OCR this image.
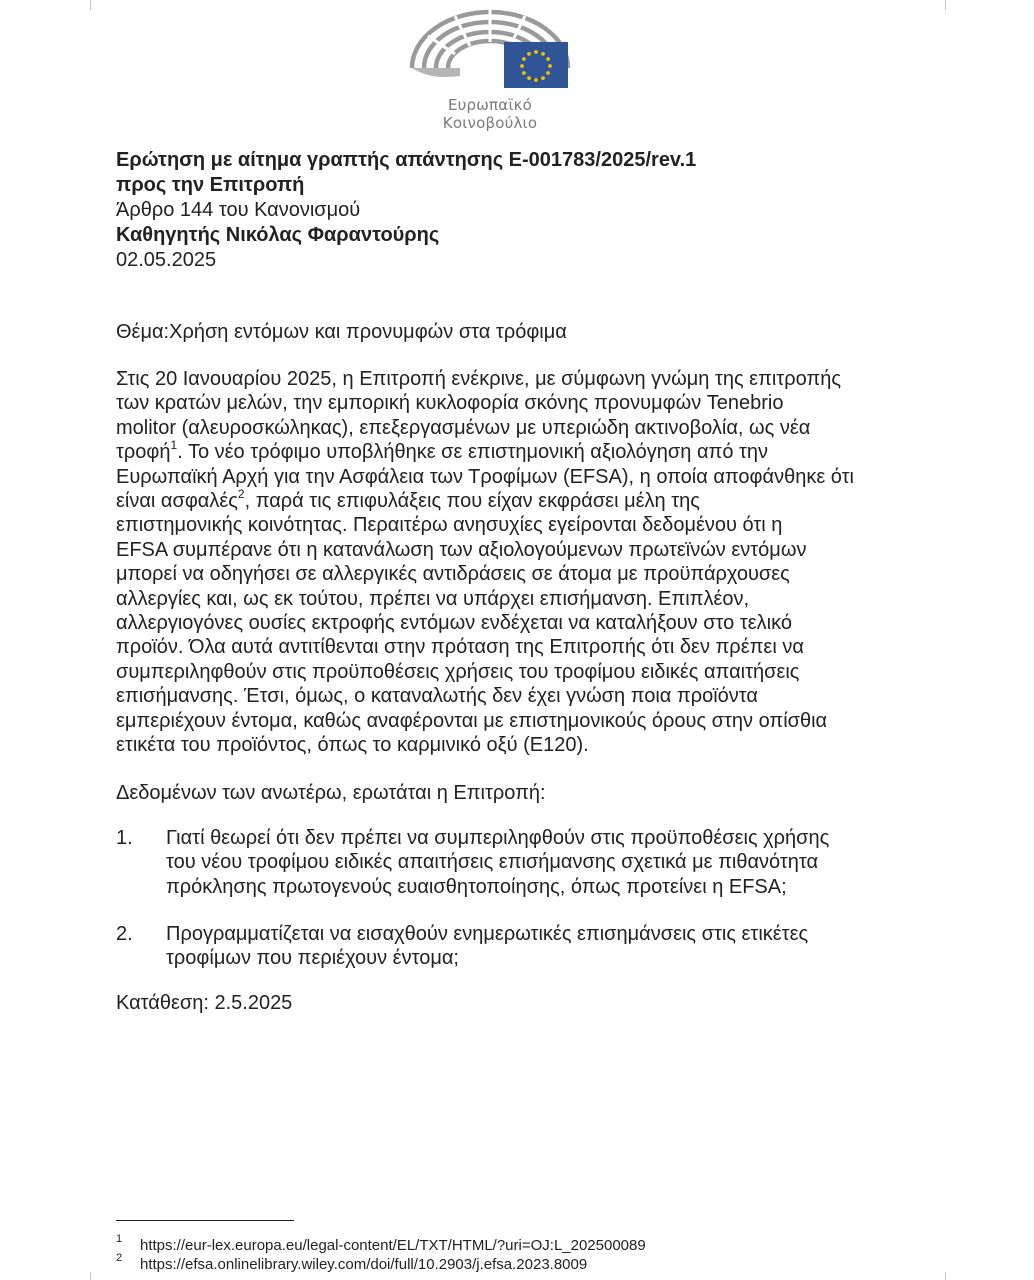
Ευρωπαϊκό Κοινοβούλιο
Ερώτηση με αίτημα γραπτής απάντησης E-001783/2025/rev.1
προς την Επιτροπή
Άρθρο 144 του Κανονισμού
Καθηγητής Νικόλας Φαραντούρης
02.05.2025
Θέμα:Χρήση εντόμων και προνυμφών στα τρόφιμα
Στις 20 Ιανουαρίου 2025, η Επιτροπή ενέκρινε, με σύμφωνη γνώμη της επιτροπής
των κρατών μελών, την εμπορική κυκλοφορία σκόνης προνυμφών Tenebrio
molitor (αλευροσκώληκας), επεξεργασμένων με υπεριώδη ακτινοβολία, ως νέα
τροφή$^1$. Το νέο τρόφιμο υποβλήθηκε σε επιστημονική αξιολόγηση από την
Ευρωπαϊκή Αρχή για την Ασφάλεια των Τροφίμων (EFSA), η οποία αποφάνθηκε ότι
είναι ασφαλές$^2$, παρά τις επιφυλάξεις που είχαν εκφράσει μέλη της
επιστημονικής κοινότητας. Περαιτέρω ανησυχίες εγείρονται δεδομένου ότι η
EFSA συμπέρανε ότι η κατανάλωση των αξιολογούμενων πρωτεϊνών εντόμων
μπορεί να οδηγήσει σε αλλεργικές αντιδράσεις σε άτομα με προϋπάρχουσες
αλλεργίες και, ως εκ τούτου, πρέπει να υπάρχει επισήμανση. Επιπλέον,
αλλεργιογόνες ουσίες εκτροφής εντόμων ενδέχεται να καταλήξουν στο τελικό
προϊόν. Όλα αυτά αντιτίθενται στην πρόταση της Επιτροπής ότι δεν πρέπει να
συμπεριληφθούν στις προϋποθέσεις χρήσεις του τροφίμου ειδικές απαιτήσεις
επισήμανσης. Έτσι, όμως, ο καταναλωτής δεν έχει γνώση ποια προϊόντα
εμπεριέχουν έντομα, καθώς αναφέρονται με επιστημονικούς όρους στην οπίσθια
ετικέτα του προϊόντος, όπως το καρμινικό οξύ (E120).
Δεδομένων των ανωτέρω, ερωτάται η Επιτροπή:
1. Γιατί θεωρεί ότι δεν πρέπει να συμπεριληφθούν στις προϋποθέσεις χρήσης
του νέου τροφίμου ειδικές απαιτήσεις επισήμανσης σχετικά με πιθανότητα
πρόκλησης πρωτογενούς ευαισθητοποίησης, όπως προτείνει η EFSA;
2. Προγραμματίζεται να εισαχθούν ενημερωτικές επισημάνσεις στις ετικέτες
τροφίμων που περιέχουν έντομα;
Κατάθεση: 2.5.2025
1 https://eur-lex.europa.eu/legal-content/EL/TXT/HTML/?uri=OJ:L_202500089
2 https://efsa.onlinelibrary.wiley.com/doi/full/10.2903/j.efsa.2023.8009
